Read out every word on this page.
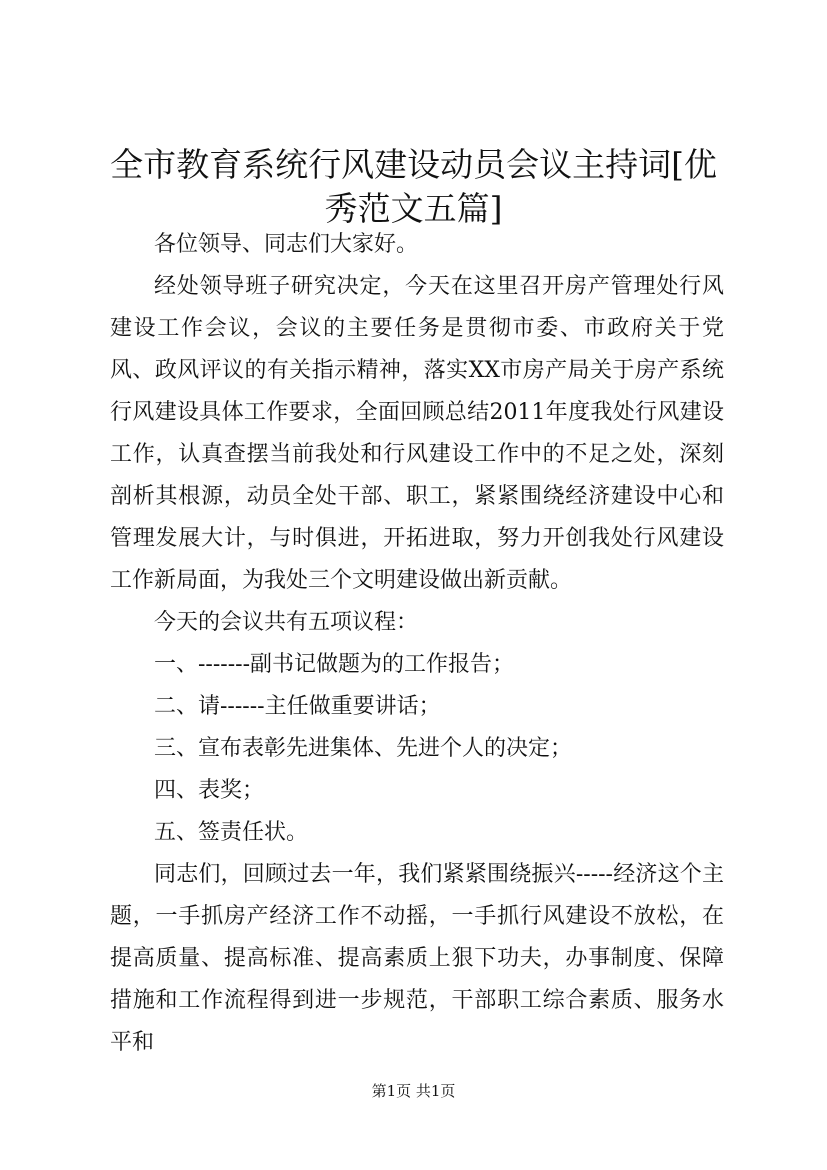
全市教育系统行风建设动员会议主持词[优秀范文五篇]

各位领导、同志们大家好。

经处领导班子研究决定，今天在这里召开房产管理处行风建设工作会议，会议的主要任务是贯彻市委、市政府关于党风、政风评议的有关指示精神，落实XX市房产局关于房产系统行风建设具体工作要求，全面回顾总结2011年度我处行风建设工作，认真查摆当前我处和行风建设工作中的不足之处，深刻剖析其根源，动员全处干部、职工，紧紧围绕经济建设中心和管理发展大计，与时俱进，开拓进取，努力开创我处行风建设工作新局面，为我处三个文明建设做出新贡献。

今天的会议共有五项议程：

一、-------副书记做题为的工作报告；

二、请------主任做重要讲话；

三、宣布表彰先进集体、先进个人的决定；

四、表奖；

五、签责任状。

同志们，回顾过去一年，我们紧紧围绕振兴-----经济这个主题，一手抓房产经济工作不动摇，一手抓行风建设不放松，在提高质量、提高标准、提高素质上狠下功夫，办事制度、保障措施和工作流程得到进一步规范，干部职工综合素质、服务水平和

第1页 共1页
